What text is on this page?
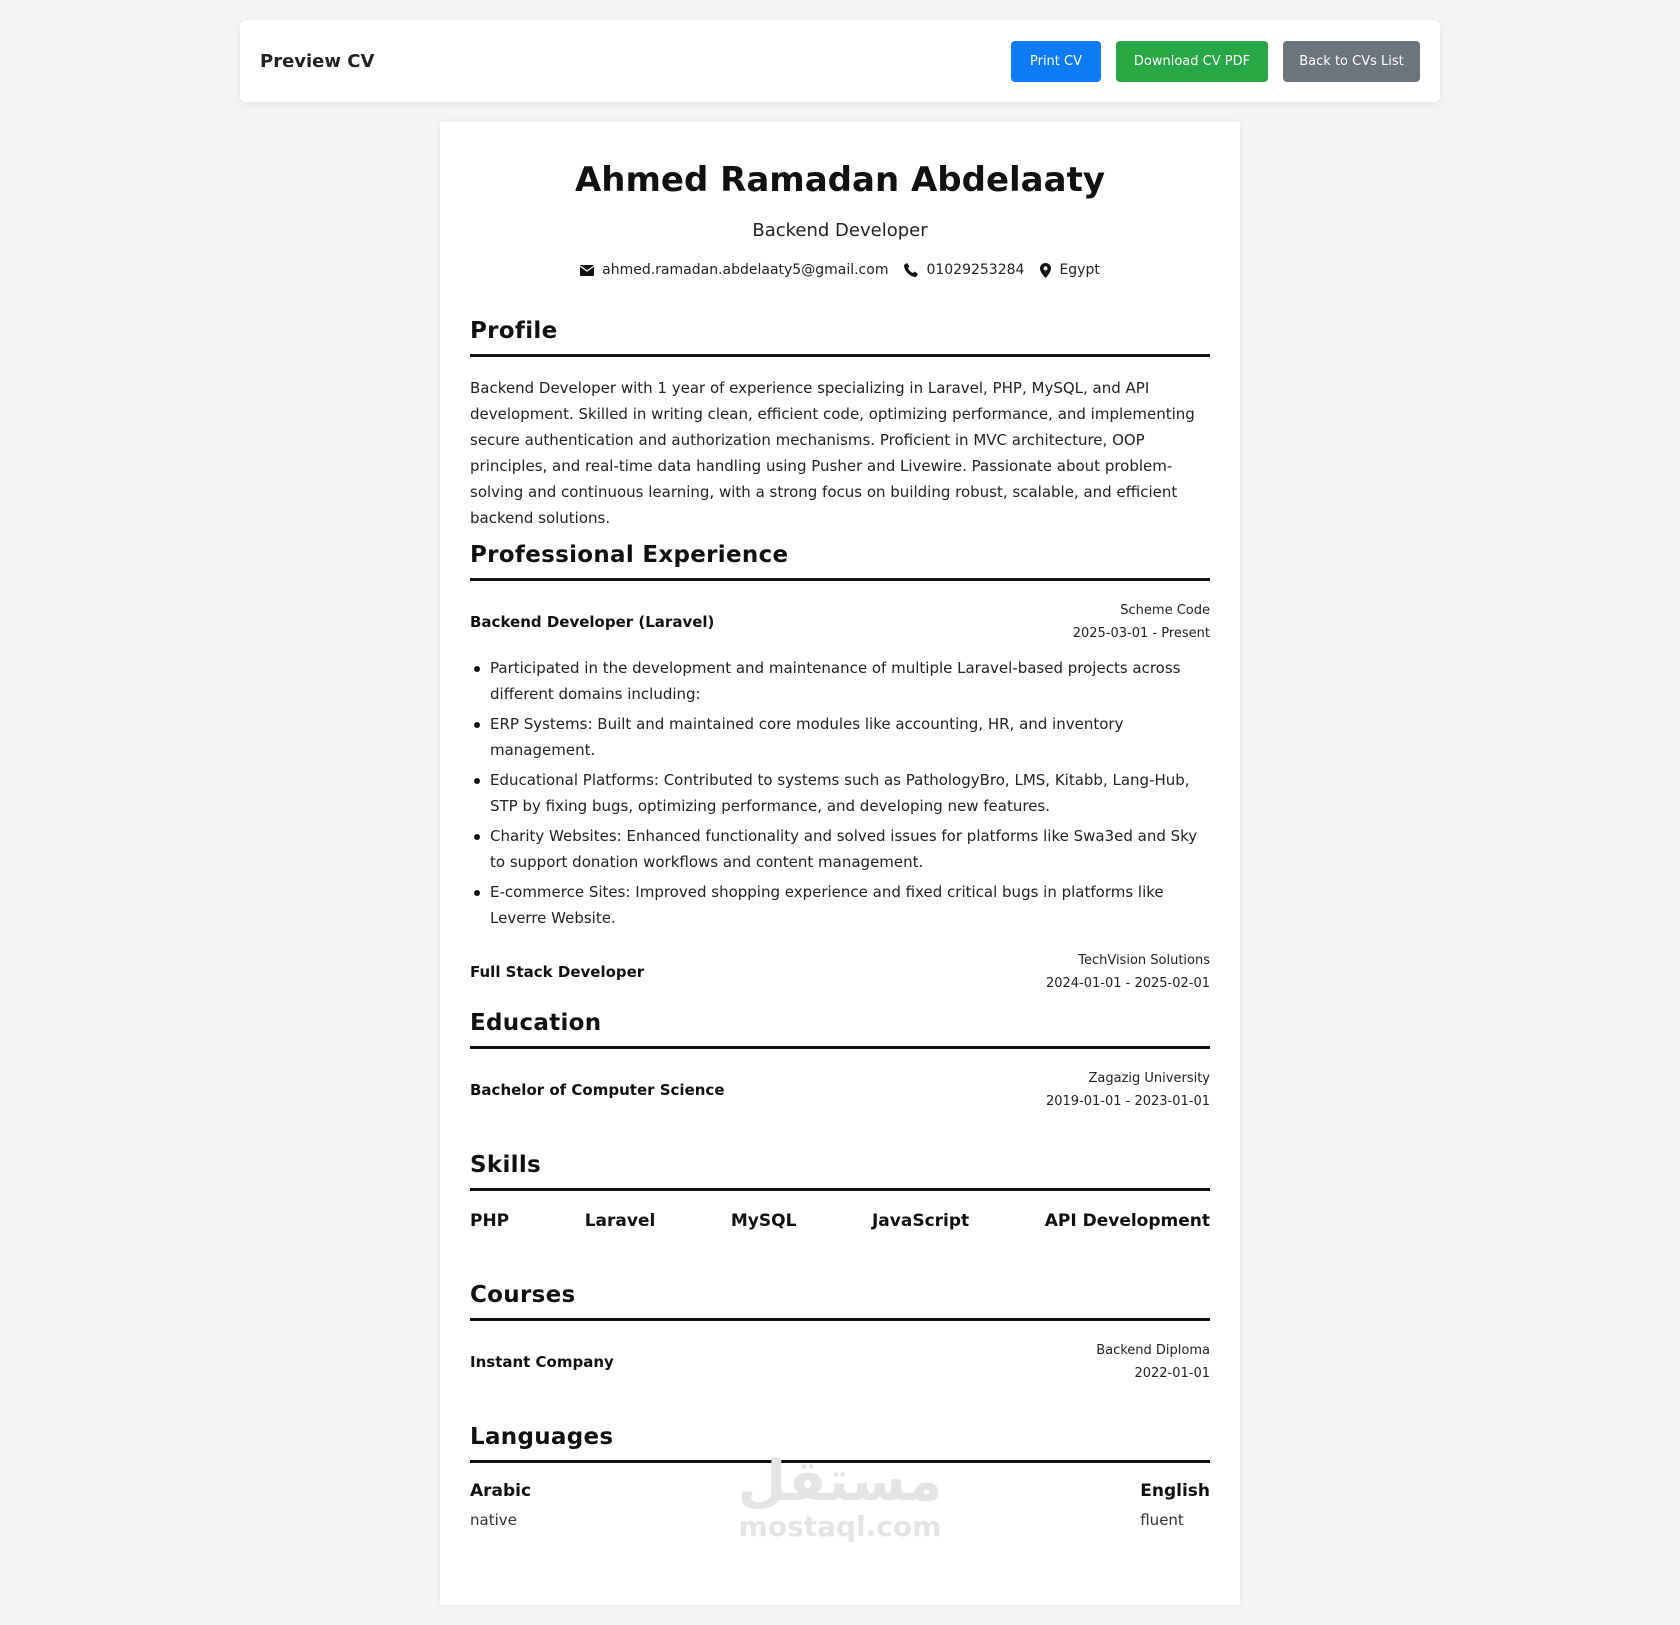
Preview CV	Print CV	Download CV PDF	Back to CVs List
Ahmed Ramadan Abdelaaty
Backend Developer
ahmed.ramadan.abdelaaty5@gmail.com	01029253284	Egypt
Profile
Backend Developer with 1 year of experience specializing in Laravel, PHP, MySQL, and API development. Skilled in writing clean, efficient code, optimizing performance, and implementing secure authentication and authorization mechanisms. Proficient in MVC architecture, OOP principles, and real-time data handling using Pusher and Livewire. Passionate about problem-solving and continuous learning, with a strong focus on building robust, scalable, and efficient backend solutions.
Professional Experience
Backend Developer (Laravel)
Scheme Code
2025-03-01 - Present
Participated in the development and maintenance of multiple Laravel-based projects across different domains including:
ERP Systems: Built and maintained core modules like accounting, HR, and inventory management.
Educational Platforms: Contributed to systems such as PathologyBro, LMS, Kitabb, Lang-Hub, STP by fixing bugs, optimizing performance, and developing new features.
Charity Websites: Enhanced functionality and solved issues for platforms like Swa3ed and Sky to support donation workflows and content management.
E-commerce Sites: Improved shopping experience and fixed critical bugs in platforms like Leverre Website.
Full Stack Developer
TechVision Solutions
2024-01-01 - 2025-02-01
Education
Bachelor of Computer Science
Zagazig University
2019-01-01 - 2023-01-01
Skills
PHP	Laravel	MySQL	JavaScript	API Development
Courses
Instant Company
Backend Diploma
2022-01-01
Languages
Arabic
native
English
fluent
مستقل
mostaql.com
